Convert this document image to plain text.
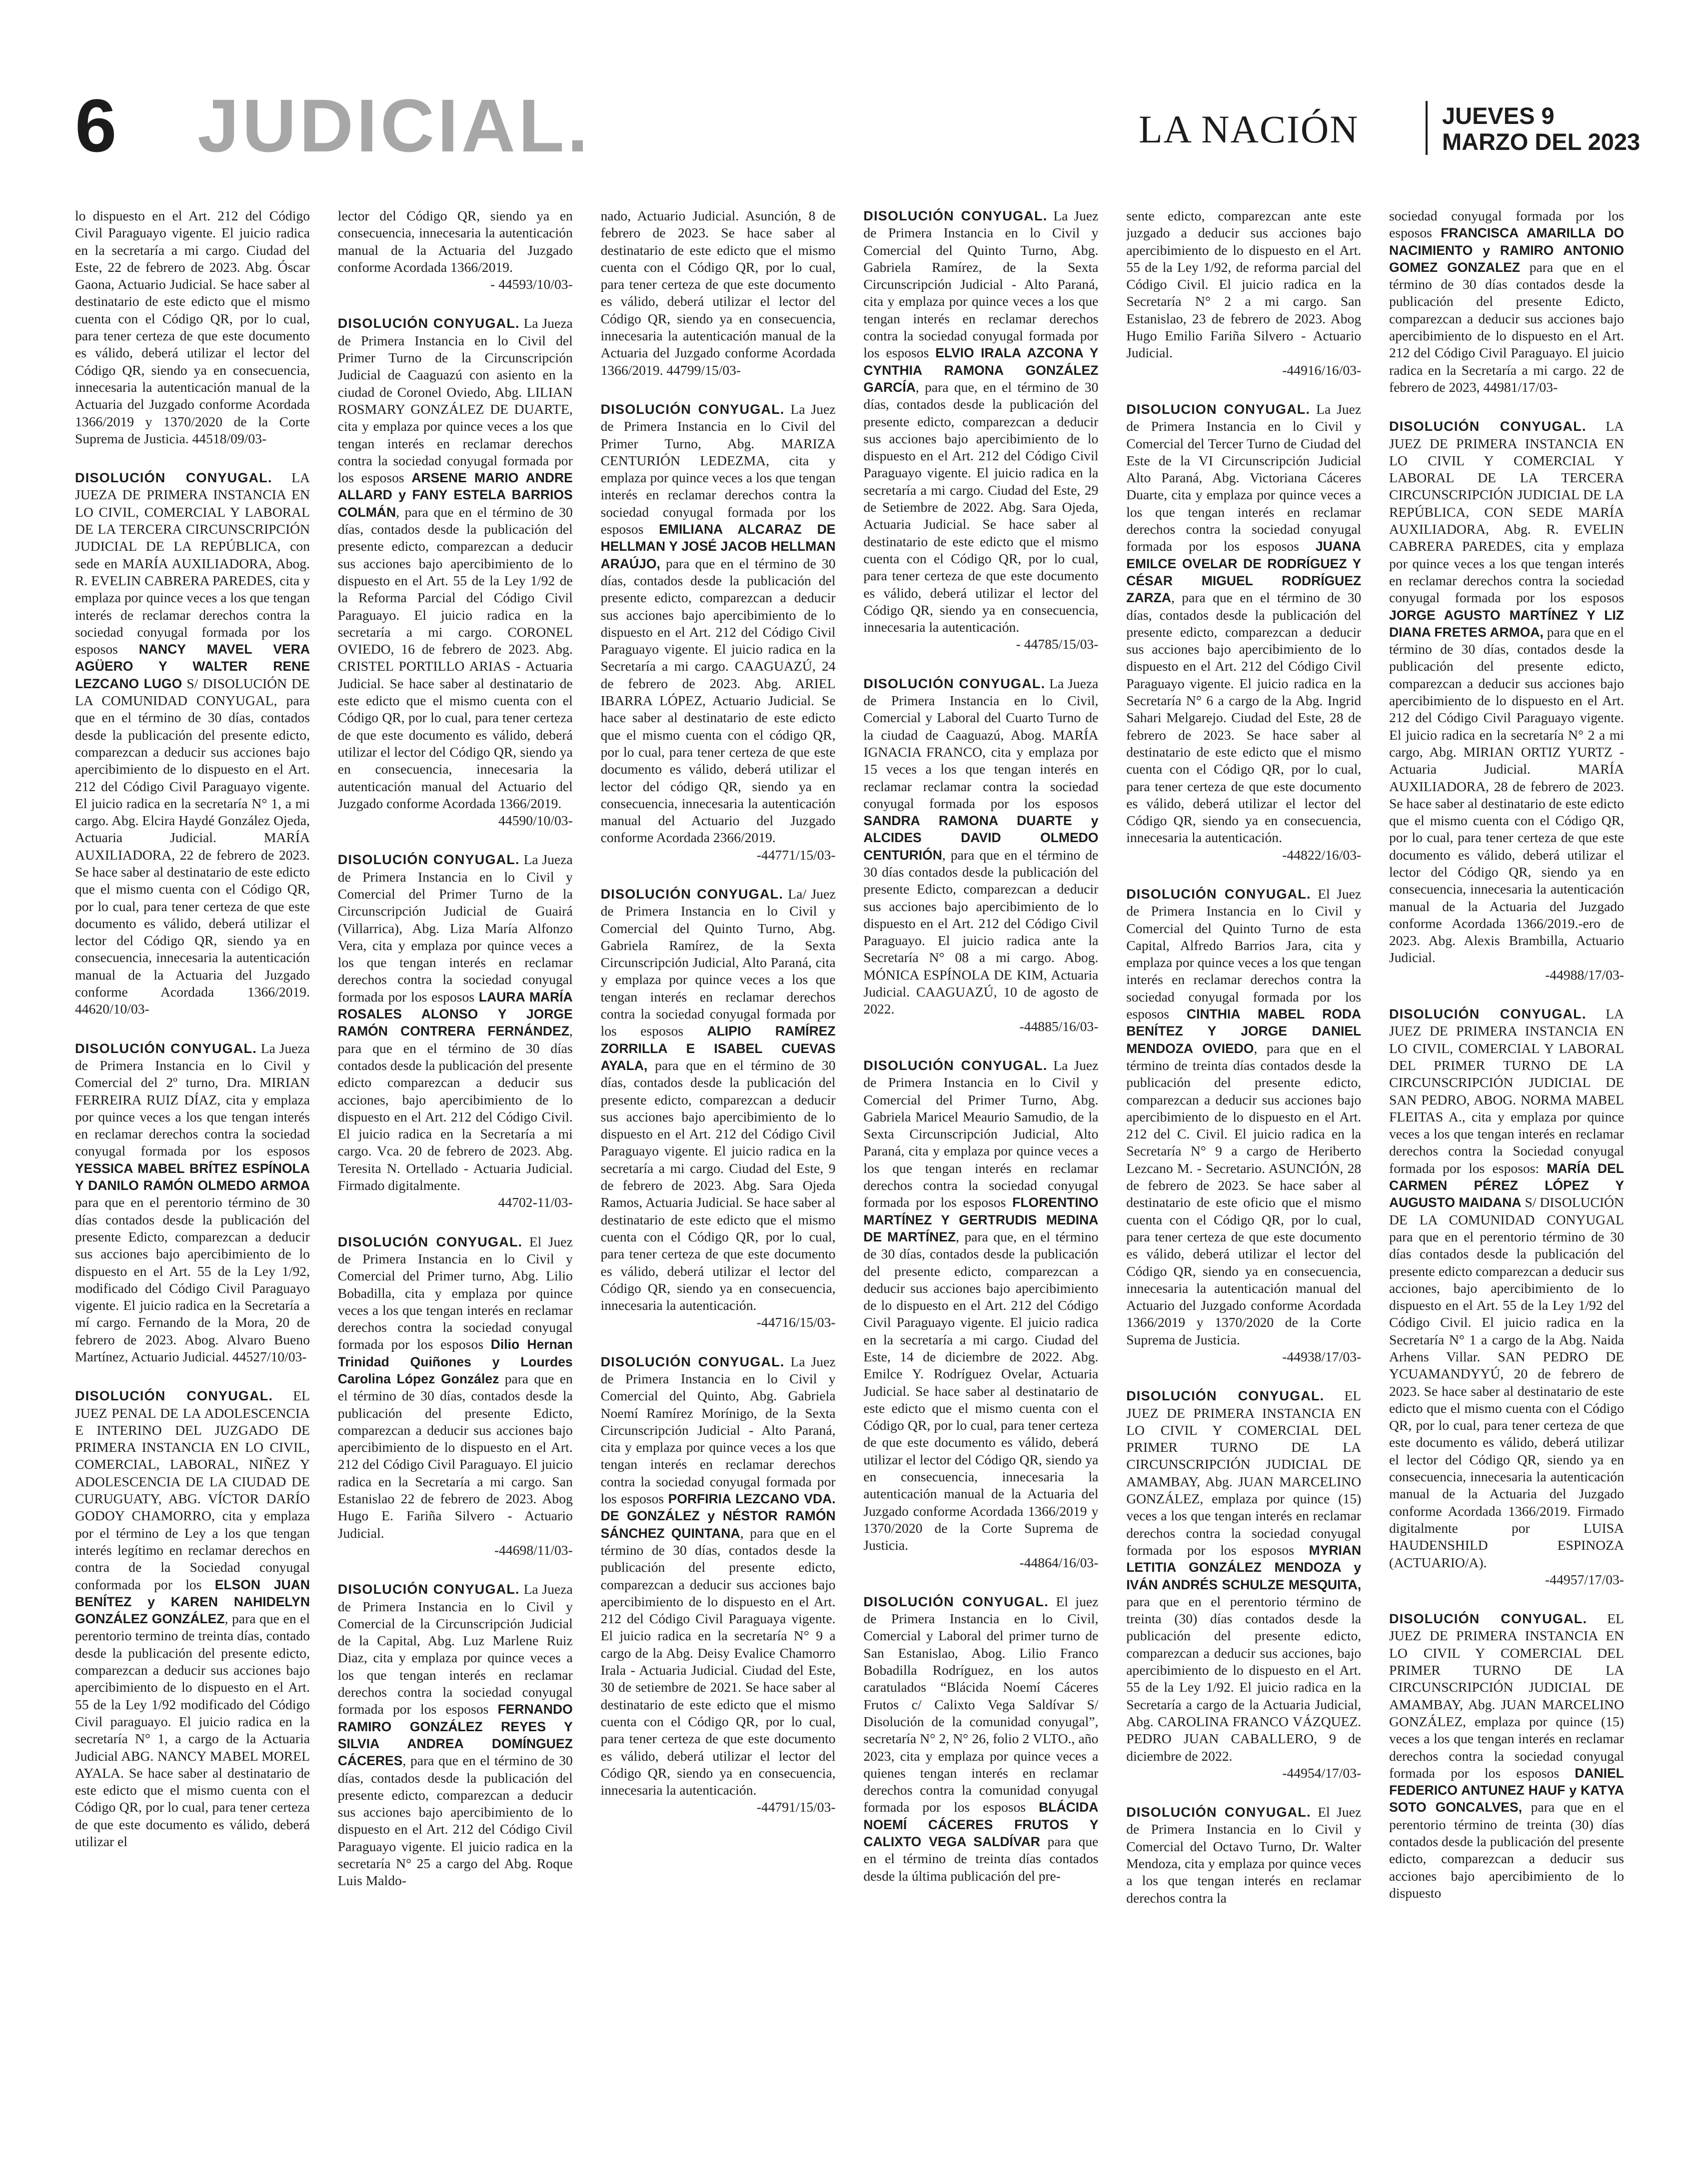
6 JUDICIAL.	LA NACIÓN	JUEVES 9
MARZO DEL 2023

lo dispuesto en el Art. 212 del Código Civil Paraguayo vigente. El juicio radica en la secretaría a mi cargo. Ciudad del Este, 22 de febrero de 2023. Abg. Óscar Gaona, Actuario Judicial. Se hace saber al destinatario de este edicto que el mismo cuenta con el Código QR, por lo cual, para tener certeza de que este documento es válido, deberá utilizar el lector del Código QR, siendo ya en consecuencia, innecesaria la autenticación manual de la Actuaria del Juzgado conforme Acordada 1366/2019 y 1370/2020 de la Corte Suprema de Justicia. 44518/09/03-

DISOLUCIÓN CONYUGAL. LA JUEZA DE PRIMERA INSTANCIA EN LO CIVIL, COMERCIAL Y LABORAL DE LA TERCERA CIRCUNSCRIPCIÓN JUDICIAL DE LA REPÚBLICA, con sede en MARÍA AUXILIADORA, Abog. R. EVELIN CABRERA PAREDES, cita y emplaza por quince veces a los que tengan interés de reclamar derechos contra la sociedad conyugal formada por los esposos NANCY MAVEL VERA AGÜERO Y WALTER RENE LEZCANO LUGO S/ DISOLUCIÓN DE LA COMUNIDAD CONYUGAL, para que en el término de 30 días, contados desde la publicación del presente edicto, comparezcan a deducir sus acciones bajo apercibimiento de lo dispuesto en el Art. 212 del Código Civil Paraguayo vigente. El juicio radica en la secretaría N° 1, a mi cargo. Abg. Elcira Haydé González Ojeda, Actuaria Judicial. MARÍA AUXILIADORA, 22 de febrero de 2023. Se hace saber al destinatario de este edicto que el mismo cuenta con el Código QR, por lo cual, para tener certeza de que este documento es válido, deberá utilizar el lector del Código QR, siendo ya en consecuencia, innecesaria la autenticación manual de la Actuaria del Juzgado conforme Acordada 1366/2019. 44620/10/03-

DISOLUCIÓN CONYUGAL. La Jueza de Primera Instancia en lo Civil y Comercial del 2º turno, Dra. MIRIAN FERREIRA RUIZ DÍAZ, cita y emplaza por quince veces a los que tengan interés en reclamar derechos contra la sociedad conyugal formada por los esposos YESSICA MABEL BRÍTEZ ESPÍNOLA Y DANILO RAMÓN OLMEDO ARMOA para que en el perentorio término de 30 días contados desde la publicación del presente Edicto, comparezcan a deducir sus acciones bajo apercibimiento de lo dispuesto en el Art. 55 de la Ley 1/92, modificado del Código Civil Paraguayo vigente. El juicio radica en la Secretaría a mí cargo. Fernando de la Mora, 20 de febrero de 2023. Abog. Alvaro Bueno Martínez, Actuario Judicial. 44527/10/03-

DISOLUCIÓN CONYUGAL. EL JUEZ PENAL DE LA ADOLESCENCIA E INTERINO DEL JUZGADO DE PRIMERA INSTANCIA EN LO CIVIL, COMERCIAL, LABORAL, NIÑEZ Y ADOLESCENCIA DE LA CIUDAD DE CURUGUATY, ABG. VÍCTOR DARÍO GODOY CHAMORRO, cita y emplaza por el término de Ley a los que tengan interés legítimo en reclamar derechos en contra de la Sociedad conyugal conformada por los ELSON JUAN BENÍTEZ y KAREN NAHIDELYN GONZÁLEZ GONZÁLEZ, para que en el perentorio termino de treinta días, contado desde la publicación del presente edicto, comparezcan a deducir sus acciones bajo apercibimiento de lo dispuesto en el Art. 55 de la Ley 1/92 modificado del Código Civil paraguayo. El juicio radica en la secretaría N° 1, a cargo de la Actuaria Judicial ABG. NANCY MABEL MOREL AYALA. Se hace saber al destinatario de este edicto que el mismo cuenta con el Código QR, por lo cual, para tener certeza de que este documento es válido, deberá utilizar el

lector del Código QR, siendo ya en consecuencia, innecesaria la autenticación manual de la Actuaria del Juzgado conforme Acordada 1366/2019.
- 44593/10/03-

DISOLUCIÓN CONYUGAL. La Jueza de Primera Instancia en lo Civil del Primer Turno de la Circunscripción Judicial de Caaguazú con asiento en la ciudad de Coronel Oviedo, Abg. LILIAN ROSMARY GONZÁLEZ DE DUARTE, cita y emplaza por quince veces a los que tengan interés en reclamar derechos contra la sociedad conyugal formada por los esposos ARSENE MARIO ANDRE ALLARD y FANY ESTELA BARRIOS COLMÁN, para que en el término de 30 días, contados desde la publicación del presente edicto, comparezcan a deducir sus acciones bajo apercibimiento de lo dispuesto en el Art. 55 de la Ley 1/92 de la Reforma Parcial del Código Civil Paraguayo. El juicio radica en la secretaría a mi cargo. CORONEL OVIEDO, 16 de febrero de 2023. Abg. CRISTEL PORTILLO ARIAS - Actuaria Judicial. Se hace saber al destinatario de este edicto que el mismo cuenta con el Código QR, por lo cual, para tener certeza de que este documento es válido, deberá utilizar el lector del Código QR, siendo ya en consecuencia, innecesaria la autenticación manual del Actuario del Juzgado conforme Acordada 1366/2019.
44590/10/03-

DISOLUCIÓN CONYUGAL. La Jueza de Primera Instancia en lo Civil y Comercial del Primer Turno de la Circunscripción Judicial de Guairá (Villarrica), Abg. Liza María Alfonzo Vera, cita y emplaza por quince veces a los que tengan interés en reclamar derechos contra la sociedad conyugal formada por los esposos LAURA MARÍA ROSALES ALONSO Y JORGE RAMÓN CONTRERA FERNÁNDEZ, para que en el término de 30 días contados desde la publicación del presente edicto comparezcan a deducir sus acciones, bajo apercibimiento de lo dispuesto en el Art. 212 del Código Civil. El juicio radica en la Secretaría a mi cargo. Vca. 20 de febrero de 2023. Abg. Teresita N. Ortellado - Actuaria Judicial. Firmado digitalmente.
44702-11/03-

DISOLUCIÓN CONYUGAL. El Juez de Primera Instancia en lo Civil y Comercial del Primer turno, Abg. Lilio Bobadilla, cita y emplaza por quince veces a los que tengan interés en reclamar derechos contra la sociedad conyugal formada por los esposos Dilio Hernan Trinidad Quiñones y Lourdes Carolina López González para que en el término de 30 días, contados desde la publicación del presente Edicto, comparezcan a deducir sus acciones bajo apercibimiento de lo dispuesto en el Art. 212 del Código Civil Paraguayo. El juicio radica en la Secretaría a mi cargo. San Estanislao 22 de febrero de 2023. Abog Hugo E. Fariña Silvero - Actuario Judicial.
-44698/11/03-

DISOLUCIÓN CONYUGAL. La Jueza de Primera Instancia en lo Civil y Comercial de la Circunscripción Judicial de la Capital, Abg. Luz Marlene Ruiz Diaz, cita y emplaza por quince veces a los que tengan interés en reclamar derechos contra la sociedad conyugal formada por los esposos FERNANDO RAMIRO GONZÁLEZ REYES Y SILVIA ANDREA DOMÍNGUEZ CÁCERES, para que en el término de 30 días, contados desde la publicación del presente edicto, comparezcan a deducir sus acciones bajo apercibimiento de lo dispuesto en el Art. 212 del Código Civil Paraguayo vigente. El juicio radica en la secretaría N° 25 a cargo del Abg. Roque Luis Maldo-

nado, Actuario Judicial. Asunción, 8 de febrero de 2023. Se hace saber al destinatario de este edicto que el mismo cuenta con el Código QR, por lo cual, para tener certeza de que este documento es válido, deberá utilizar el lector del Código QR, siendo ya en consecuencia, innecesaria la autenticación manual de la Actuaria del Juzgado conforme Acordada 1366/2019. 44799/15/03-

DISOLUCIÓN CONYUGAL. La Juez de Primera Instancia en lo Civil del Primer Turno, Abg. MARIZA CENTURIÓN LEDEZMA, cita y emplaza por quince veces a los que tengan interés en reclamar derechos contra la sociedad conyugal formada por los esposos EMILIANA ALCARAZ DE HELLMAN Y JOSÉ JACOB HELLMAN ARAÚJO, para que en el término de 30 días, contados desde la publicación del presente edicto, comparezcan a deducir sus acciones bajo apercibimiento de lo dispuesto en el Art. 212 del Código Civil Paraguayo vigente. El juicio radica en la Secretaría a mi cargo. CAAGUAZÚ, 24 de febrero de 2023. Abg. ARIEL IBARRA LÓPEZ, Actuario Judicial. Se hace saber al destinatario de este edicto que el mismo cuenta con el código QR, por lo cual, para tener certeza de que este documento es válido, deberá utilizar el lector del código QR, siendo ya en consecuencia, innecesaria la autenticación manual del Actuario del Juzgado conforme Acordada 2366/2019.
-44771/15/03-

DISOLUCIÓN CONYUGAL. La/ Juez de Primera Instancia en lo Civil y Comercial del Quinto Turno, Abg. Gabriela Ramírez, de la Sexta Circunscripción Judicial, Alto Paraná, cita y emplaza por quince veces a los que tengan interés en reclamar derechos contra la sociedad conyugal formada por los esposos ALIPIO RAMÍREZ ZORRILLA E ISABEL CUEVAS AYALA, para que en el término de 30 días, contados desde la publicación del presente edicto, comparezcan a deducir sus acciones bajo apercibimiento de lo dispuesto en el Art. 212 del Código Civil Paraguayo vigente. El juicio radica en la secretaría a mi cargo. Ciudad del Este, 9 de febrero de 2023. Abg. Sara Ojeda Ramos, Actuaria Judicial. Se hace saber al destinatario de este edicto que el mismo cuenta con el Código QR, por lo cual, para tener certeza de que este documento es válido, deberá utilizar el lector del Código QR, siendo ya en consecuencia, innecesaria la autenticación.
-44716/15/03-

DISOLUCIÓN CONYUGAL. La Juez de Primera Instancia en lo Civil y Comercial del Quinto, Abg. Gabriela Noemí Ramírez Morínigo, de la Sexta Circunscripción Judicial - Alto Paraná, cita y emplaza por quince veces a los que tengan interés en reclamar derechos contra la sociedad conyugal formada por los esposos PORFIRIA LEZCANO VDA. DE GONZÁLEZ y NÉSTOR RAMÓN SÁNCHEZ QUINTANA, para que en el término de 30 días, contados desde la publicación del presente edicto, comparezcan a deducir sus acciones bajo apercibimiento de lo dispuesto en el Art. 212 del Código Civil Paraguaya vigente. El juicio radica en la secretaría N° 9 a cargo de la Abg. Deisy Evalice Chamorro Irala - Actuaria Judicial. Ciudad del Este, 30 de setiembre de 2021. Se hace saber al destinatario de este edicto que el mismo cuenta con el Código QR, por lo cual, para tener certeza de que este documento es válido, deberá utilizar el lector del Código QR, siendo ya en consecuencia, innecesaria la autenticación.
-44791/15/03-

DISOLUCIÓN CONYUGAL. La Juez de Primera Instancia en lo Civil y Comercial del Quinto Turno, Abg. Gabriela Ramírez, de la Sexta Circunscripción Judicial - Alto Paraná, cita y emplaza por quince veces a los que tengan interés en reclamar derechos contra la sociedad conyugal formada por los esposos ELVIO IRALA AZCONA Y CYNTHIA RAMONA GONZÁLEZ GARCÍA, para que, en el término de 30 días, contados desde la publicación del presente edicto, comparezcan a deducir sus acciones bajo apercibimiento de lo dispuesto en el Art. 212 del Código Civil Paraguayo vigente. El juicio radica en la secretaría a mi cargo. Ciudad del Este, 29 de Setiembre de 2022. Abg. Sara Ojeda, Actuaria Judicial. Se hace saber al destinatario de este edicto que el mismo cuenta con el Código QR, por lo cual, para tener certeza de que este documento es válido, deberá utilizar el lector del Código QR, siendo ya en consecuencia, innecesaria la autenticación.
- 44785/15/03-

DISOLUCIÓN CONYUGAL. La Jueza de Primera Instancia en lo Civil, Comercial y Laboral del Cuarto Turno de la ciudad de Caaguazú, Abog. MARÍA IGNACIA FRANCO, cita y emplaza por 15 veces a los que tengan interés en reclamar reclamar contra la sociedad conyugal formada por los esposos SANDRA RAMONA DUARTE y ALCIDES DAVID OLMEDO CENTURIÓN, para que en el término de 30 días contados desde la publicación del presente Edicto, comparezcan a deducir sus acciones bajo apercibimiento de lo dispuesto en el Art. 212 del Código Civil Paraguayo. El juicio radica ante la Secretaría N° 08 a mi cargo. Abog. MÓNICA ESPÍNOLA DE KIM, Actuaria Judicial. CAAGUAZÚ, 10 de agosto de 2022.
-44885/16/03-

DISOLUCIÓN CONYUGAL. La Juez de Primera Instancia en lo Civil y Comercial del Primer Turno, Abg. Gabriela Maricel Meaurio Samudio, de la Sexta Circunscripción Judicial, Alto Paraná, cita y emplaza por quince veces a los que tengan interés en reclamar derechos contra la sociedad conyugal formada por los esposos FLORENTINO MARTÍNEZ Y GERTRUDIS MEDINA DE MARTÍNEZ, para que, en el término de 30 días, contados desde la publicación del presente edicto, comparezcan a deducir sus acciones bajo apercibimiento de lo dispuesto en el Art. 212 del Código Civil Paraguayo vigente. El juicio radica en la secretaría a mi cargo. Ciudad del Este, 14 de diciembre de 2022. Abg. Emilce Y. Rodríguez Ovelar, Actuaria Judicial. Se hace saber al destinatario de este edicto que el mismo cuenta con el Código QR, por lo cual, para tener certeza de que este documento es válido, deberá utilizar el lector del Código QR, siendo ya en consecuencia, innecesaria la autenticación manual de la Actuaria del Juzgado conforme Acordada 1366/2019 y 1370/2020 de la Corte Suprema de Justicia.
-44864/16/03-

DISOLUCIÓN CONYUGAL. El juez de Primera Instancia en lo Civil, Comercial y Laboral del primer turno de San Estanislao, Abog. Lilio Franco Bobadilla Rodríguez, en los autos caratulados “Blácida Noemí Cáceres Frutos c/ Calixto Vega Saldívar S/ Disolución de la comunidad conyugal”, secretaría N° 2, N° 26, folio 2 VLTO., año 2023, cita y emplaza por quince veces a quienes tengan interés en reclamar derechos contra la comunidad conyugal formada por los esposos BLÁCIDA NOEMÍ CÁCERES FRUTOS Y CALIXTO VEGA SALDÍVAR para que en el término de treinta días contados desde la última publicación del pre-

sente edicto, comparezcan ante este juzgado a deducir sus acciones bajo apercibimiento de lo dispuesto en el Art. 55 de la Ley 1/92, de reforma parcial del Código Civil. El juicio radica en la Secretaría N° 2 a mi cargo. San Estanislao, 23 de febrero de 2023. Abog Hugo Emilio Fariña Silvero - Actuario Judicial.
-44916/16/03-

DISOLUCION CONYUGAL. La Juez de Primera Instancia en lo Civil y Comercial del Tercer Turno de Ciudad del Este de la VI Circunscripción Judicial Alto Paraná, Abg. Victoriana Cáceres Duarte, cita y emplaza por quince veces a los que tengan interés en reclamar derechos contra la sociedad conyugal formada por los esposos JUANA EMILCE OVELAR DE RODRÍGUEZ Y CÉSAR MIGUEL RODRÍGUEZ ZARZA, para que en el término de 30 días, contados desde la publicación del presente edicto, comparezcan a deducir sus acciones bajo apercibimiento de lo dispuesto en el Art. 212 del Código Civil Paraguayo vigente. El juicio radica en la Secretaría N° 6 a cargo de la Abg. Ingrid Sahari Melgarejo. Ciudad del Este, 28 de febrero de 2023. Se hace saber al destinatario de este edicto que el mismo cuenta con el Código QR, por lo cual, para tener certeza de que este documento es válido, deberá utilizar el lector del Código QR, siendo ya en consecuencia, innecesaria la autenticación.
-44822/16/03-

DISOLUCIÓN CONYUGAL. El Juez de Primera Instancia en lo Civil y Comercial del Quinto Turno de esta Capital, Alfredo Barrios Jara, cita y emplaza por quince veces a los que tengan interés en reclamar derechos contra la sociedad conyugal formada por los esposos CINTHIA MABEL RODA BENÍTEZ Y JORGE DANIEL MENDOZA OVIEDO, para que en el término de treinta días contados desde la publicación del presente edicto, comparezcan a deducir sus acciones bajo apercibimiento de lo dispuesto en el Art. 212 del C. Civil. El juicio radica en la Secretaría N° 9 a cargo de Heriberto Lezcano M. - Secretario. ASUNCIÓN, 28 de febrero de 2023. Se hace saber al destinatario de este oficio que el mismo cuenta con el Código QR, por lo cual, para tener certeza de que este documento es válido, deberá utilizar el lector del Código QR, siendo ya en consecuencia, innecesaria la autenticación manual del Actuario del Juzgado conforme Acordada 1366/2019 y 1370/2020 de la Corte Suprema de Justicia.
-44938/17/03-

DISOLUCIÓN CONYUGAL. EL JUEZ DE PRIMERA INSTANCIA EN LO CIVIL Y COMERCIAL DEL PRIMER TURNO DE LA CIRCUNSCRIPCIÓN JUDICIAL DE AMAMBAY, Abg. JUAN MARCELINO GONZÁLEZ, emplaza por quince (15) veces a los que tengan interés en reclamar derechos contra la sociedad conyugal formada por los esposos MYRIAN LETITIA GONZÁLEZ MENDOZA y IVÁN ANDRÉS SCHULZE MESQUITA, para que en el perentorio término de treinta (30) días contados desde la publicación del presente edicto, comparezcan a deducir sus acciones, bajo apercibimiento de lo dispuesto en el Art. 55 de la Ley 1/92. El juicio radica en la Secretaría a cargo de la Actuaria Judicial, Abg. CAROLINA FRANCO VÁZQUEZ. PEDRO JUAN CABALLERO, 9 de diciembre de 2022.
-44954/17/03-

DISOLUCIÓN CONYUGAL. El Juez de Primera Instancia en lo Civil y Comercial del Octavo Turno, Dr. Walter Mendoza, cita y emplaza por quince veces a los que tengan interés en reclamar derechos contra la

sociedad conyugal formada por los esposos FRANCISCA AMARILLA DO NACIMIENTO y RAMIRO ANTONIO GOMEZ GONZALEZ para que en el término de 30 días contados desde la publicación del presente Edicto, comparezcan a deducir sus acciones bajo apercibimiento de lo dispuesto en el Art. 212 del Código Civil Paraguayo. El juicio radica en la Secretaría a mi cargo. 22 de febrero de 2023, 44981/17/03-

DISOLUCIÓN CONYUGAL. LA JUEZ DE PRIMERA INSTANCIA EN LO CIVIL Y COMERCIAL Y LABORAL DE LA TERCERA CIRCUNSCRIPCIÓN JUDICIAL DE LA REPÚBLICA, CON SEDE MARÍA AUXILIADORA, Abg. R. EVELIN CABRERA PAREDES, cita y emplaza por quince veces a los que tengan interés en reclamar derechos contra la sociedad conyugal formada por los esposos JORGE AGUSTO MARTÍNEZ Y LIZ DIANA FRETES ARMOA, para que en el término de 30 días, contados desde la publicación del presente edicto, comparezcan a deducir sus acciones bajo apercibimiento de lo dispuesto en el Art. 212 del Código Civil Paraguayo vigente. El juicio radica en la secretaría N° 2 a mi cargo, Abg. MIRIAN ORTIZ YURTZ - Actuaria Judicial. MARÍA AUXILIADORA, 28 de febrero de 2023. Se hace saber al destinatario de este edicto que el mismo cuenta con el Código QR, por lo cual, para tener certeza de que este documento es válido, deberá utilizar el lector del Código QR, siendo ya en consecuencia, innecesaria la autenticación manual de la Actuaria del Juzgado conforme Acordada 1366/2019.-ero de 2023. Abg. Alexis Brambilla, Actuario Judicial.
-44988/17/03-

DISOLUCIÓN CONYUGAL. LA JUEZ DE PRIMERA INSTANCIA EN LO CIVIL, COMERCIAL Y LABORAL DEL PRIMER TURNO DE LA CIRCUNSCRIPCIÓN JUDICIAL DE SAN PEDRO, ABOG. NORMA MABEL FLEITAS A., cita y emplaza por quince veces a los que tengan interés en reclamar derechos contra la Sociedad conyugal formada por los esposos: MARÍA DEL CARMEN PÉREZ LÓPEZ Y AUGUSTO MAIDANA S/ DISOLUCIÓN DE LA COMUNIDAD CONYUGAL para que en el perentorio término de 30 días contados desde la publicación del presente edicto comparezcan a deducir sus acciones, bajo apercibimiento de lo dispuesto en el Art. 55 de la Ley 1/92 del Código Civil. El juicio radica en la Secretaría N° 1 a cargo de la Abg. Naida Arhens Villar. SAN PEDRO DE YCUAMANDYYÚ, 20 de febrero de 2023. Se hace saber al destinatario de este edicto que el mismo cuenta con el Código QR, por lo cual, para tener certeza de que este documento es válido, deberá utilizar el lector del Código QR, siendo ya en consecuencia, innecesaria la autenticación manual de la Actuaria del Juzgado conforme Acordada 1366/2019. Firmado digitalmente por LUISA HAUDENSHILD ESPINOZA (ACTUARIO/A).
-44957/17/03-

DISOLUCIÓN CONYUGAL. EL JUEZ DE PRIMERA INSTANCIA EN LO CIVIL Y COMERCIAL DEL PRIMER TURNO DE LA CIRCUNSCRIPCIÓN JUDICIAL DE AMAMBAY, Abg. JUAN MARCELINO GONZÁLEZ, emplaza por quince (15) veces a los que tengan interés en reclamar derechos contra la sociedad conyugal formada por los esposos DANIEL FEDERICO ANTUNEZ HAUF y KATYA SOTO GONCALVES, para que en el perentorio término de treinta (30) días contados desde la publicación del presente edicto, comparezcan a deducir sus acciones bajo apercibimiento de lo dispuesto
